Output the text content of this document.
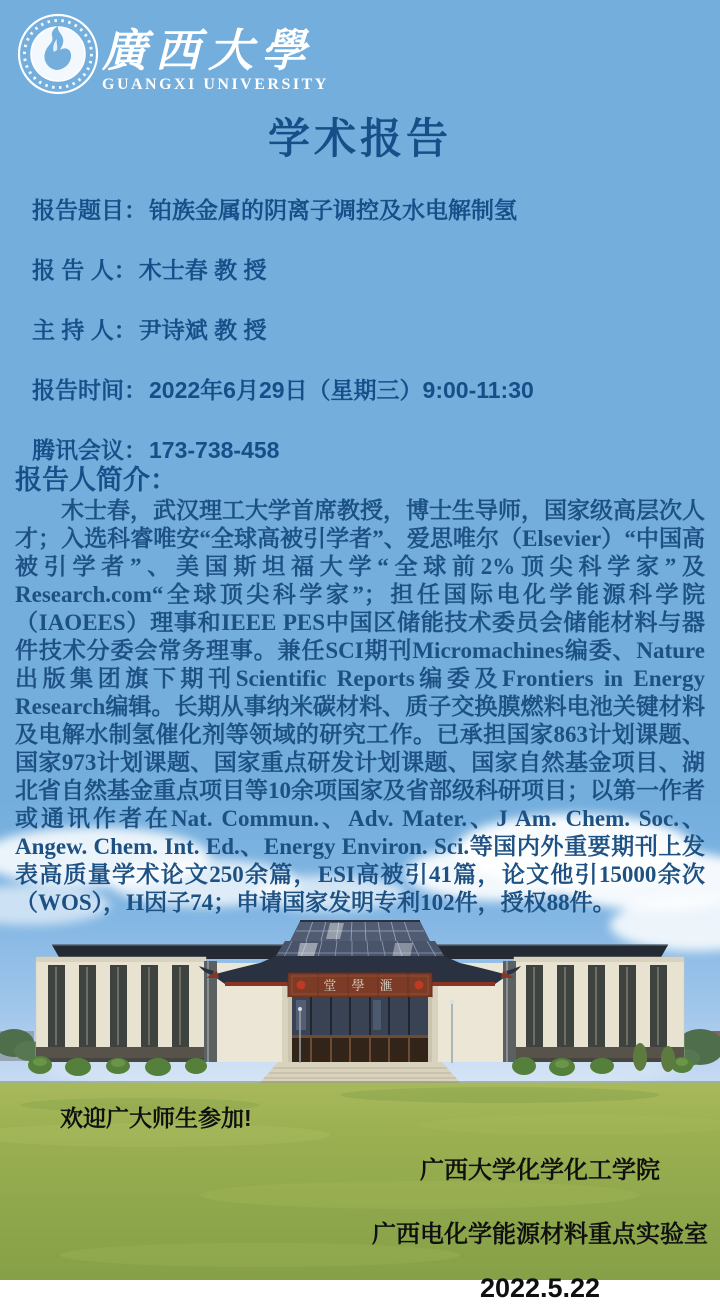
堂 學 滙
廣西大學
GUANGXI UNIVERSITY
学术报告
报告题目：铂族金属的阴离子调控及水电解制氢
报 告 人：木士春 教 授
主 持 人：尹诗斌 教 授
报告时间：2022年6月29日（星期三）9:00-11:30
腾讯会议：173-738-458
报告人简介：

木士春，武汉理工大学首席教授，博士生导师，国家级高层次人才；入选科睿唯安“全球高被引学者”、爱思唯尔（Elsevier）“中国高被引学者”、美国斯坦福大学“全球前2%顶尖科学家”及Research.com“全球顶尖科学家”；担任国际电化学能源科学院（IAOEES）理事和IEEE PES中国区储能技术委员会储能材料与器件技术分委会常务理事。兼任SCI期刊Micromachines编委、Nature出版集团旗下期刊Scientific Reports编委及Frontiers in Energy Research编辑。长期从事纳米碳材料、质子交换膜燃料电池关键材料及电解水制氢催化剂等领域的研究工作。已承担国家863计划课题、国家973计划课题、国家重点研发计划课题、国家自然基金项目、湖北省自然基金重点项目等10余项国家及省部级科研项目；以第一作者或通讯作者在Nat. Commun.、Adv. Mater.、J Am. Chem. Soc.、Angew. Chem. Int. Ed.、Energy Environ. Sci.等国内外重要期刊上发表高质量学术论文250余篇，ESI高被引41篇，论文他引15000余次（WOS），H因子74；申请国家发明专利102件，授权88件。

欢迎广大师生参加!
广西大学化学化工学院
广西电化学能源材料重点实验室
2022.5.22
